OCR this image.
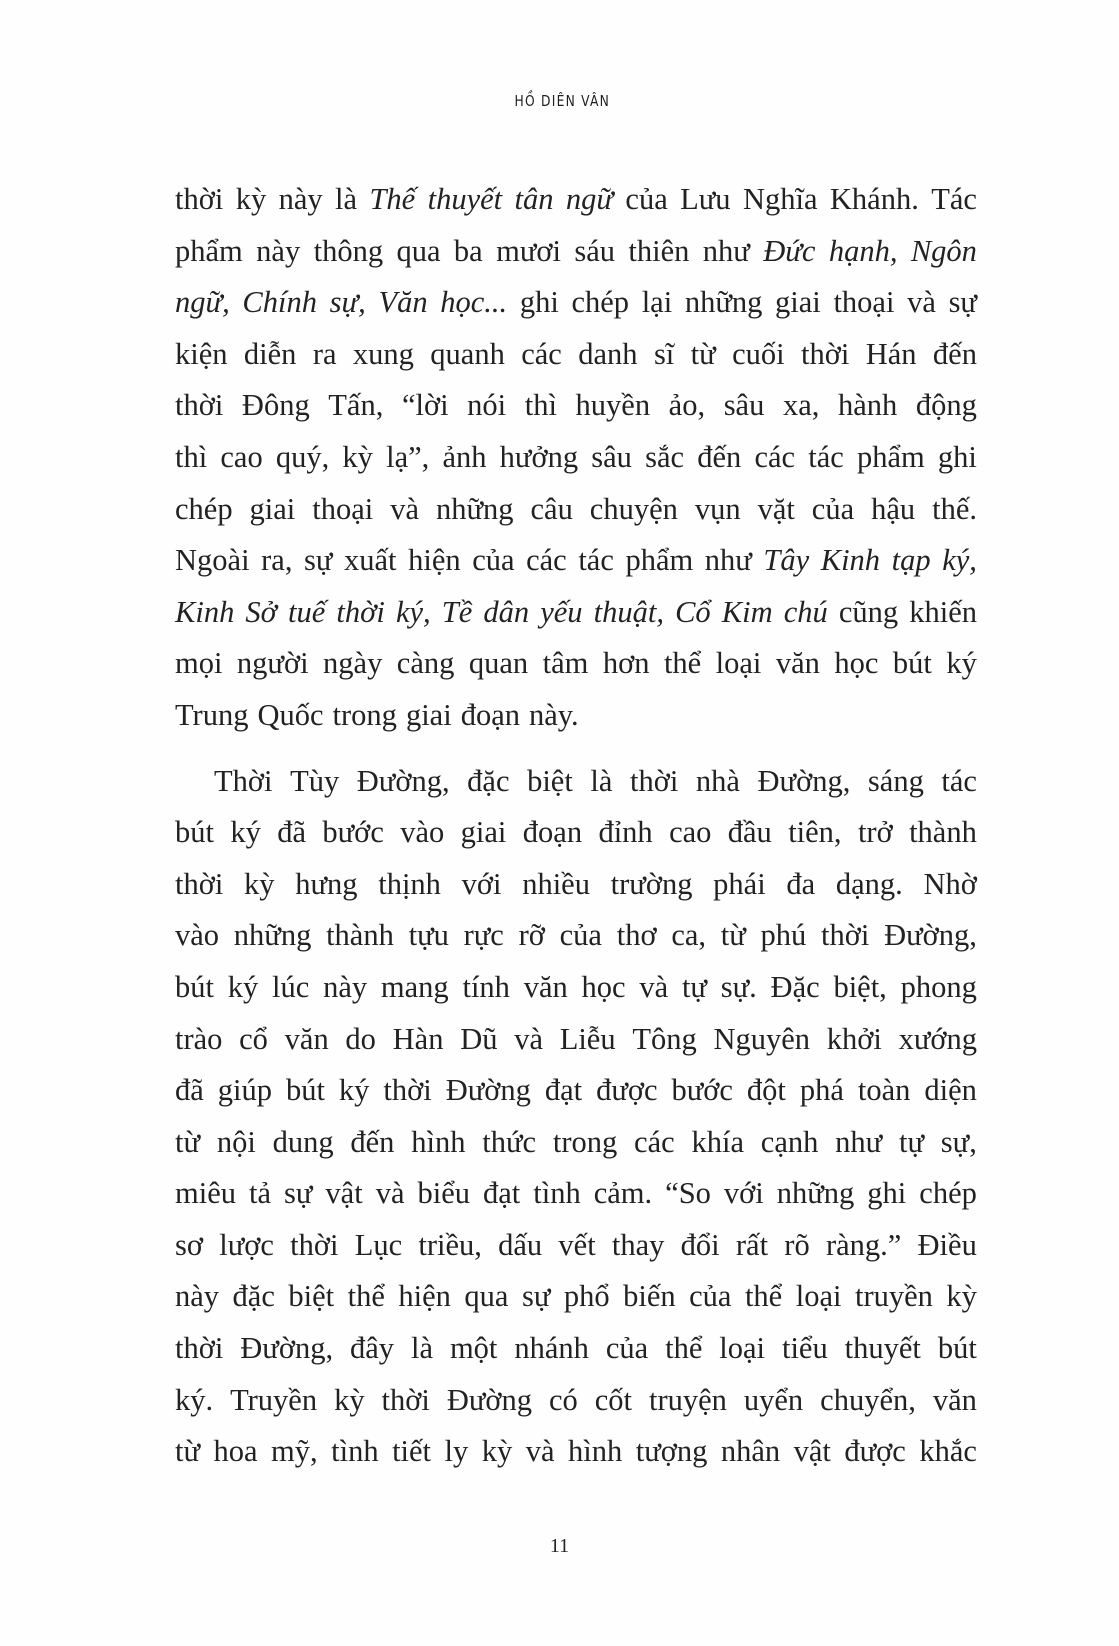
HỒ DIÊN VÂN
thời kỳ này là Thế thuyết tân ngữ của Lưu Nghĩa Khánh. Tác
phẩm này thông qua ba mươi sáu thiên như Đức hạnh, Ngôn
ngữ, Chính sự, Văn học... ghi chép lại những giai thoại và sự
kiện diễn ra xung quanh các danh sĩ từ cuối thời Hán đến
thời Đông Tấn, “lời nói thì huyền ảo, sâu xa, hành động
thì cao quý, kỳ lạ”, ảnh hưởng sâu sắc đến các tác phẩm ghi
chép giai thoại và những câu chuyện vụn vặt của hậu thế.
Ngoài ra, sự xuất hiện của các tác phẩm như Tây Kinh tạp ký,
Kinh Sở tuế thời ký, Tề dân yếu thuật, Cổ Kim chú cũng khiến
mọi người ngày càng quan tâm hơn thể loại văn học bút ký
Trung Quốc trong giai đoạn này.
Thời Tùy Đường, đặc biệt là thời nhà Đường, sáng tác
bút ký đã bước vào giai đoạn đỉnh cao đầu tiên, trở thành
thời kỳ hưng thịnh với nhiều trường phái đa dạng. Nhờ
vào những thành tựu rực rỡ của thơ ca, từ phú thời Đường,
bút ký lúc này mang tính văn học và tự sự. Đặc biệt, phong
trào cổ văn do Hàn Dũ và Liễu Tông Nguyên khởi xướng
đã giúp bút ký thời Đường đạt được bước đột phá toàn diện
từ nội dung đến hình thức trong các khía cạnh như tự sự,
miêu tả sự vật và biểu đạt tình cảm. “So với những ghi chép
sơ lược thời Lục triều, dấu vết thay đổi rất rõ ràng.” Điều
này đặc biệt thể hiện qua sự phổ biến của thể loại truyền kỳ
thời Đường, đây là một nhánh của thể loại tiểu thuyết bút
ký. Truyền kỳ thời Đường có cốt truyện uyển chuyển, văn
từ hoa mỹ, tình tiết ly kỳ và hình tượng nhân vật được khắc
11
